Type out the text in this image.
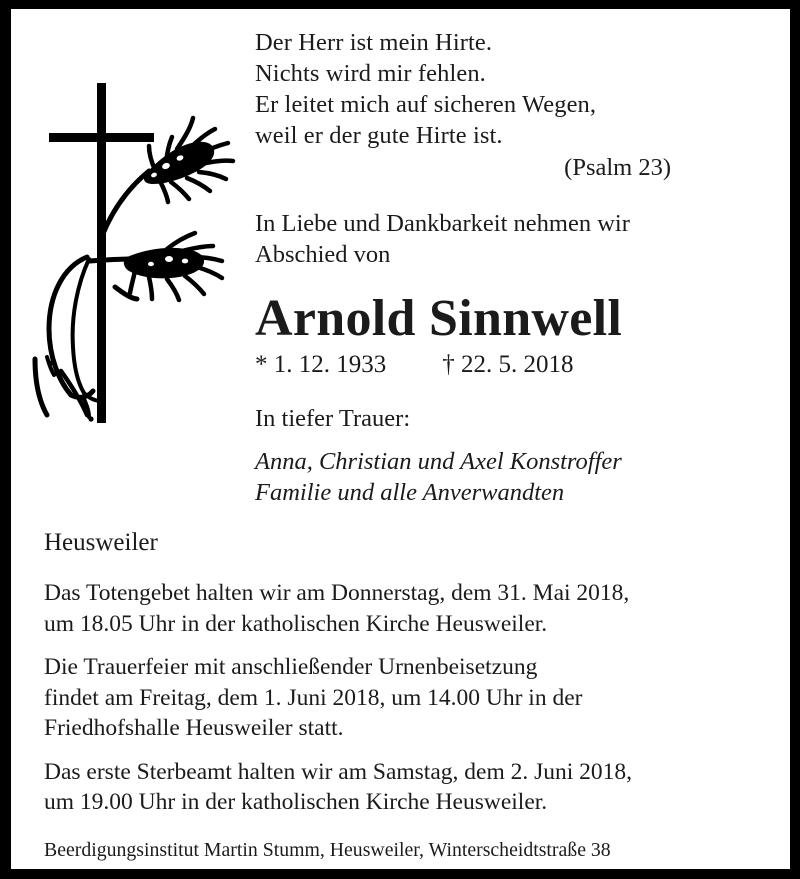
Der Herr ist mein Hirte.
Nichts wird mir fehlen.
Er leitet mich auf sicheren Wegen,
weil er der gute Hirte ist.
(Psalm 23)
In Liebe und Dankbarkeit nehmen wir
Abschied von
Arnold Sinnwell
* 1. 12. 1933 † 22. 5. 2018
In tiefer Trauer:
Anna, Christian und Axel Konstroffer
Familie und alle Anverwandten
Heusweiler
Das Totengebet halten wir am Donnerstag, dem 31. Mai 2018,
um 18.05 Uhr in der katholischen Kirche Heusweiler.
Die Trauerfeier mit anschließender Urnenbeisetzung
findet am Freitag, dem 1. Juni 2018, um 14.00 Uhr in der
Friedhofshalle Heusweiler statt.
Das erste Sterbeamt halten wir am Samstag, dem 2. Juni 2018,
um 19.00 Uhr in der katholischen Kirche Heusweiler.
Beerdigungsinstitut Martin Stumm, Heusweiler, Winterscheidtstraße 38
